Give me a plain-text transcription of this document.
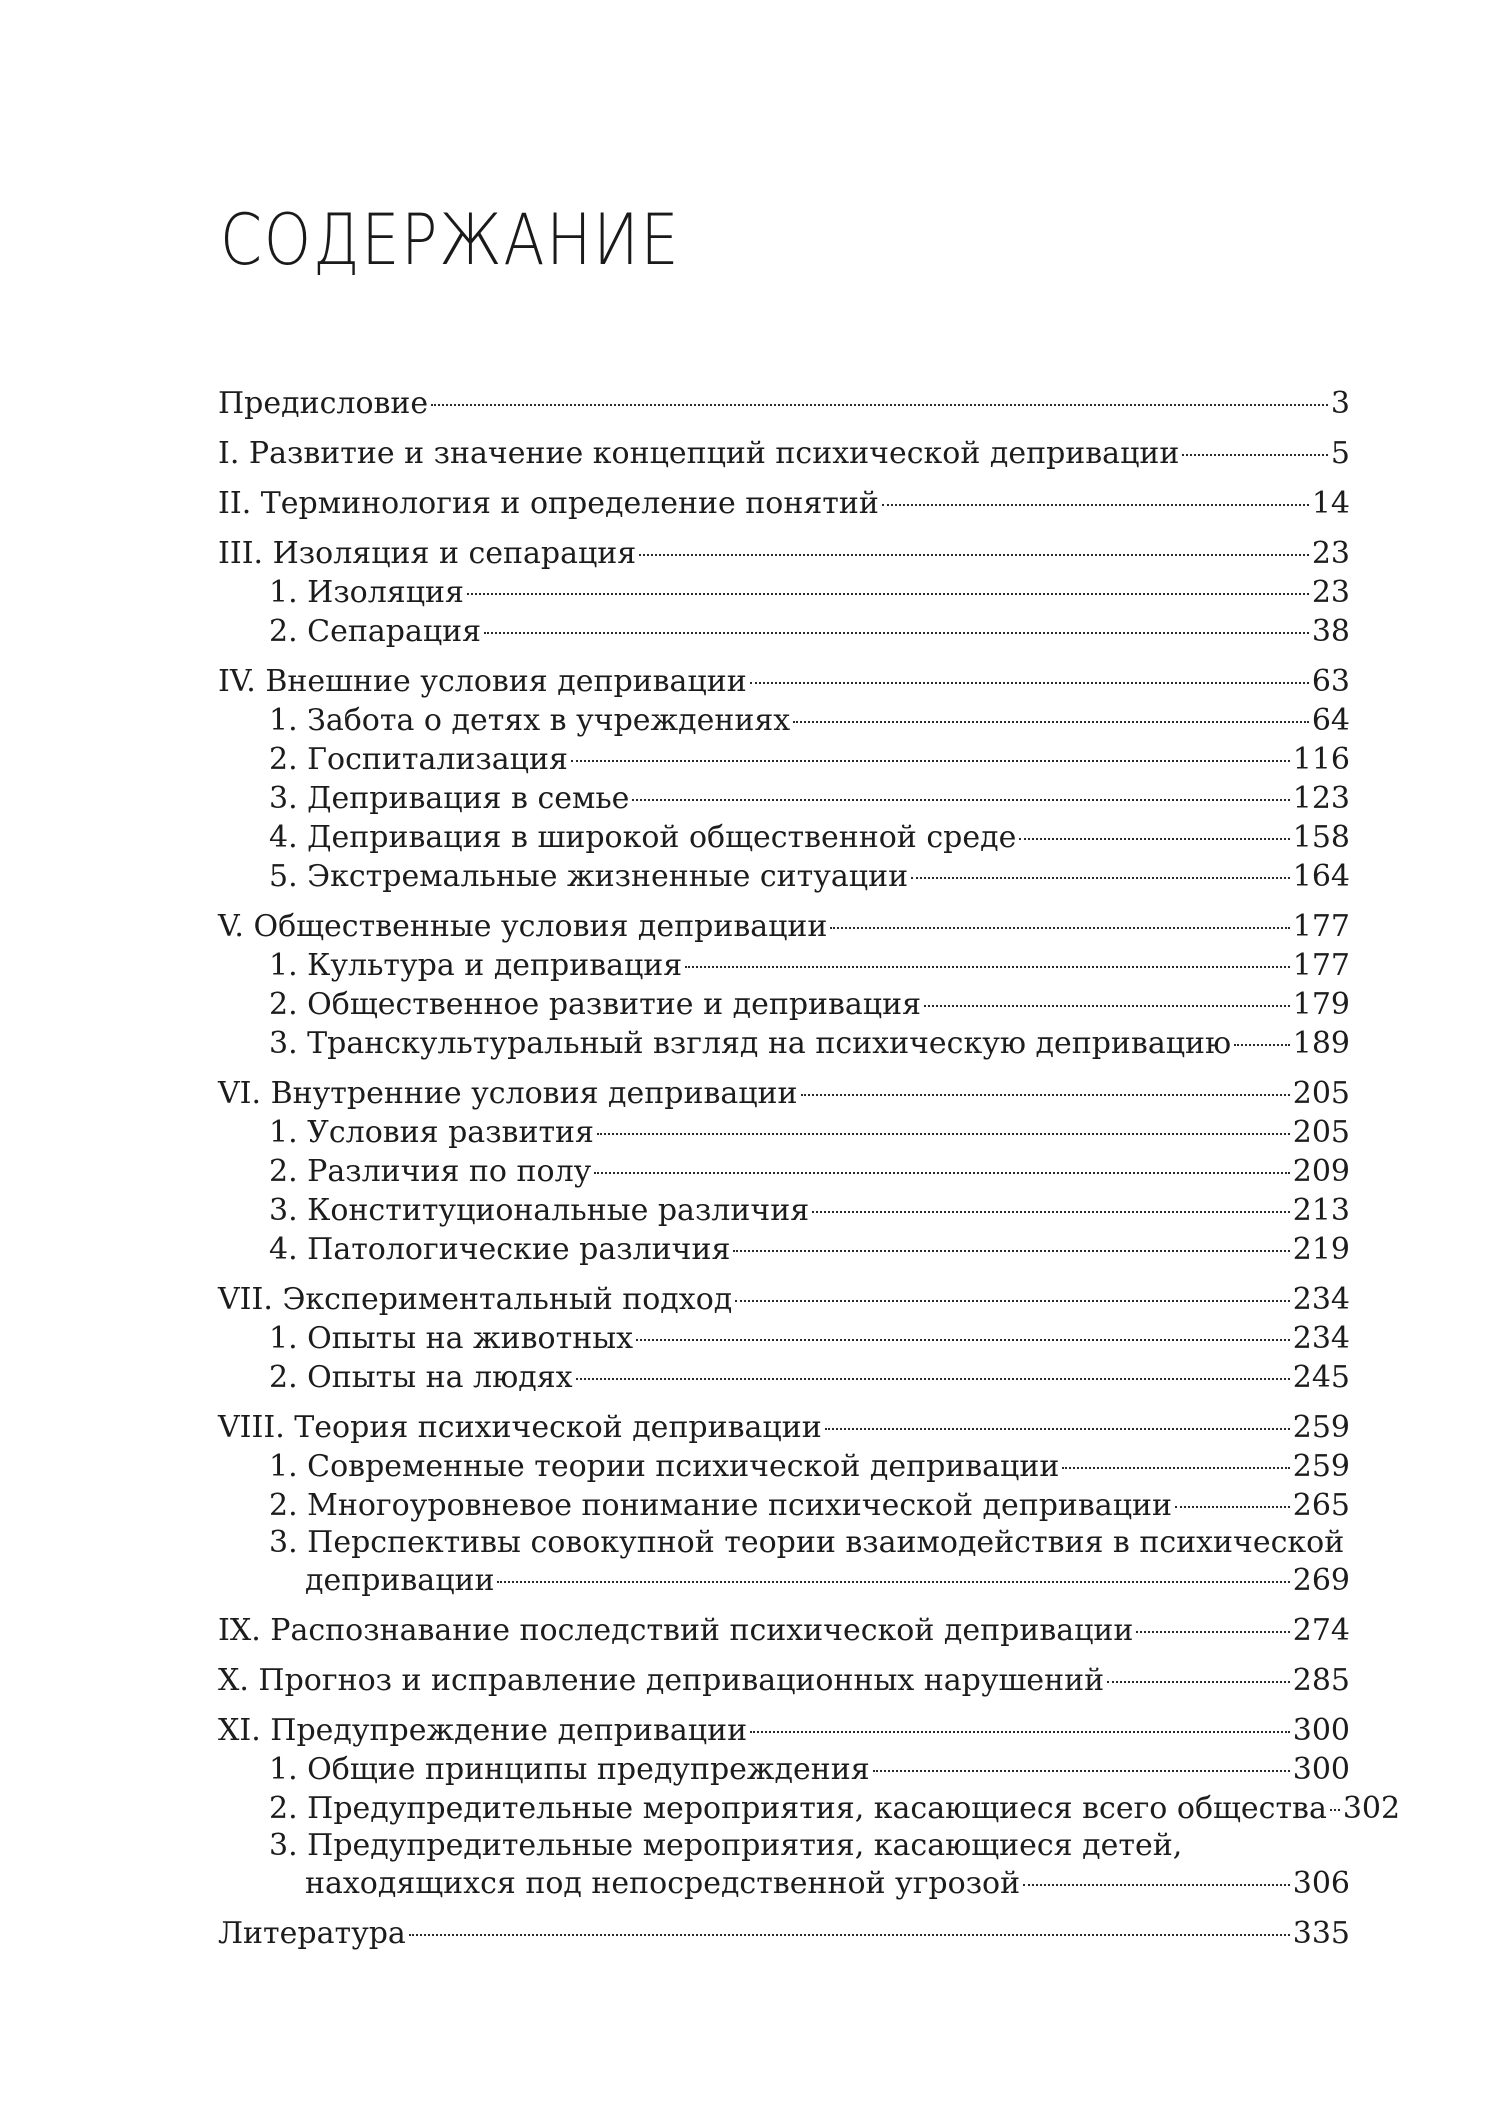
СОДЕРЖАНИЕ
Предисловие	3
I. Развитие и значение концепций психической депривации	5
II. Терминология и определение понятий	14
III. Изоляция и сепарация	23
1. Изоляция	23
2. Сепарация	38
IV. Внешние условия депривации	63
1. Забота о детях в учреждениях	64
2. Госпитализация	116
3. Депривация в семье	123
4. Депривация в широкой общественной среде	158
5. Экстремальные жизненные ситуации	164
V. Общественные условия депривации	177
1. Культура и депривация	177
2. Общественное развитие и депривация	179
3. Транскультуральный взгляд на психическую депривацию 189
VI. Внутренние условия депривации	205
1. Условия развития	205
2. Различия по полу	209
3. Конституциональные различия	213
4. Патологические различия	219
VII. Экспериментальный подход	234
1. Опыты на животных	234
2. Опыты на людях	245
VIII. Теория психической депривации	259
1. Современные теории психической депривации	259
2. Многоуровневое понимание психической депривации	265
3. Перспективы совокупной теории взаимодействия в психической
депривации	269
IX. Распознавание последствий психической депривации	274
X. Прогноз и исправление депривационных нарушений	285
XI. Предупреждение депривации	300
1. Общие принципы предупреждения	300
2. Предупредительные мероприятия, касающиеся всего общества 302
3. Предупредительные мероприятия, касающиеся детей,
находящихся под непосредственной угрозой	306
Литература	335
